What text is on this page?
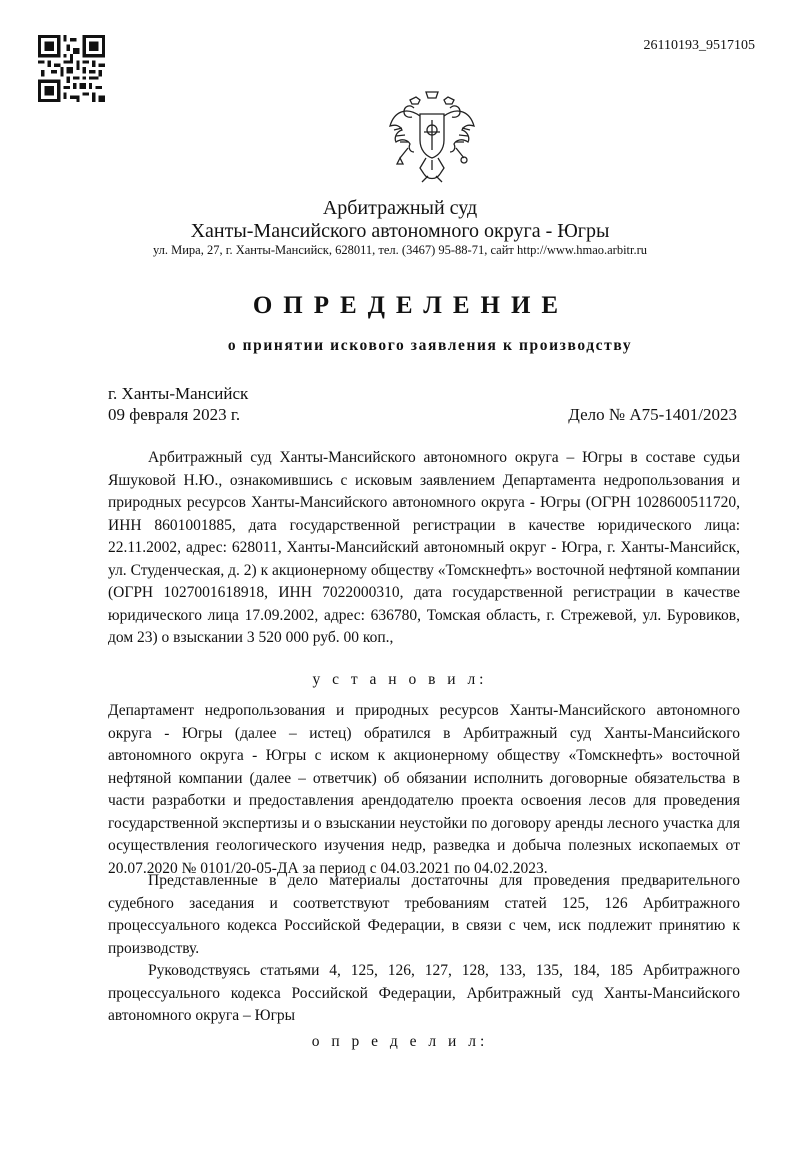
26110193_9517105
Арбитражный суд
Ханты-Мансийского автономного округа - Югры
ул. Мира, 27, г. Ханты-Мансийск, 628011, тел. (3467) 95-88-71, сайт http://www.hmao.arbitr.ru
ОПРЕДЕЛЕНИЕ
о принятии искового заявления к производству
г. Ханты-Мансийск
09 февраля 2023 г.	Дело № А75-1401/2023

Арбитражный суд Ханты-Мансийского автономного округа – Югры в составе судьи Яшуковой Н.Ю., ознакомившись с исковым заявлением Департамента недропользования и природных ресурсов Ханты-Мансийского автономного округа - Югры (ОГРН 1028600511720, ИНН 8601001885, дата государственной регистрации в качестве юридического лица: 22.11.2002, адрес: 628011, Ханты-Мансийский автономный округ - Югра, г. Ханты-Мансийск, ул. Студенческая, д. 2) к акционерному обществу «Томскнефть» восточной нефтяной компании (ОГРН 1027001618918, ИНН 7022000310, дата государственной регистрации в качестве юридического лица 17.09.2002, адрес: 636780, Томская область, г. Стрежевой, ул. Буровиков, дом 23) о взыскании 3 520 000 руб. 00 коп.,

у с т а н о в и л:

Департамент недропользования и природных ресурсов Ханты-Мансийского автономного округа - Югры (далее – истец) обратился в Арбитражный суд Ханты-Мансийского автономного округа - Югры с иском к акционерному обществу «Томскнефть» восточной нефтяной компании (далее – ответчик) об обязании исполнить договорные обязательства в части разработки и предоставления арендодателю проекта освоения лесов для проведения государственной экспертизы и о взыскании неустойки по договору аренды лесного участка для осуществления геологического изучения недр, разведка и добыча полезных ископаемых от 20.07.2020 № 0101/20-05-ДА за период с 04.03.2021 по 04.02.2023.

Представленные в дело материалы достаточны для проведения предварительного судебного заседания и соответствуют требованиям статей 125, 126 Арбитражного процессуального кодекса Российской Федерации, в связи с чем, иск подлежит принятию к производству.

Руководствуясь статьями 4, 125, 126, 127, 128, 133, 135, 184, 185 Арбитражного процессуального кодекса Российской Федерации, Арбитражный суд Ханты-Мансийского автономного округа – Югры

о п р е д е л и л:
